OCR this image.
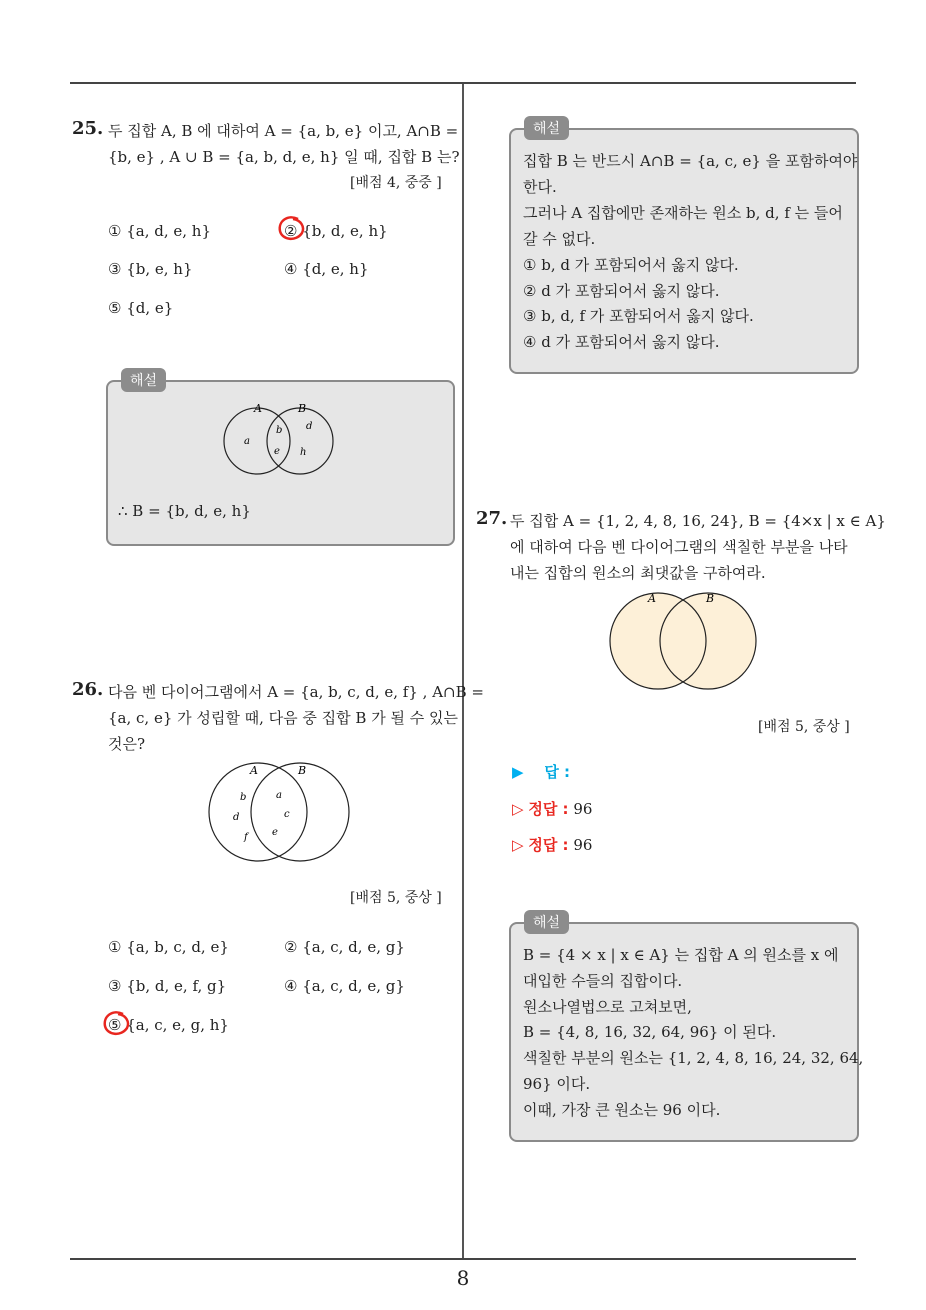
8
25. 두 집합 A, B 에 대하여 A = {a, b, e} 이고, A∩B =
{b, e} , A ∪ B = {a, b, d, e, h} 일 때, 집합 B 는?
[배점 4, 중중 ]
① {a, d, e, h}	② {b, d, e, h}
③ {b, e, h}	④ {d, e, h}
⑤ {d, e}
해설
A	B
a
b
e
d
h
∴ B = {b, d, e, h}
26. 다음 벤 다이어그램에서 A = {a, b, c, d, e, f} , A∩B =
{a, c, e} 가 성립할 때, 다음 중 집합 B 가 될 수 있는
것은?
A	B
b
d
f
a
c
e
[배점 5, 중상 ]
① {a, b, c, d, e}	② {a, c, d, e, g}
③ {b, d, e, f, g}	④ {a, c, d, e, g}
⑤ {a, c, e, g, h}
해설
집합 B 는 반드시 A∩B = {a, c, e} 을 포함하여야
한다.
그러나 A 집합에만 존재하는 원소 b, d, f 는 들어
갈 수 없다.
① b, d 가 포함되어서 옳지 않다.
② d 가 포함되어서 옳지 않다.
③ b, d, f 가 포함되어서 옳지 않다.
④ d 가 포함되어서 옳지 않다.
27. 두 집합 A = {1, 2, 4, 8, 16, 24}, B = {4×x | x ∈ A}
에 대하여 다음 벤 다이어그램의 색칠한 부분을 나타
내는 집합의 원소의 최댓값을 구하여라.
A	B
[배점 5, 중상 ]
▶ 답 :
▷ 정답 : 96
▷ 정답 : 96
해설
B = {4 × x | x ∈ A} 는 집합 A 의 원소를 x 에
대입한 수들의 집합이다.
원소나열법으로 고쳐보면,
B = {4, 8, 16, 32, 64, 96} 이 된다.
색칠한 부분의 원소는 {1, 2, 4, 8, 16, 24, 32, 64,
96} 이다.
이때, 가장 큰 원소는 96 이다.
